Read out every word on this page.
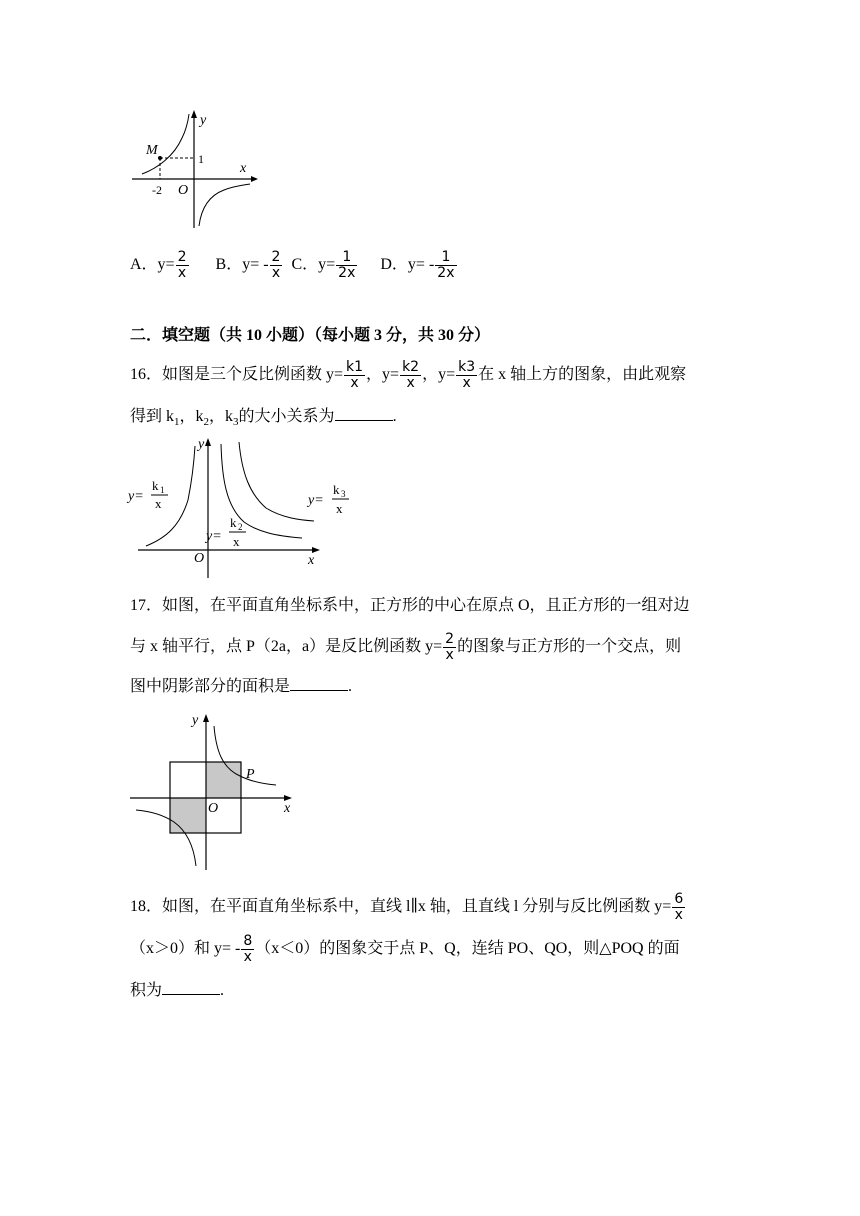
y
x
M
1
-2 O
A．$y= \frac{2}{x}$ B．$y= - \frac{2}{x}$ C．$y= \frac{1}{2x}$ D．$y= - \frac{1}{2x}$
二．填空题（共 10 小题）（每小题 3 分，共 30 分）
16．如图是三个反比例函数 $y= \frac{k1}{x}$ ，$y= \frac{k2}{x}$ ，$y= \frac{k3}{x}$ 在 x 轴上方的图象，由此观察
得到 $k_1$，$k_2$，$k_3$的大小关系为	.
y
x
O
y=
k 1
x
y=
k 2
x
y=
k 3
x
17．如图，在平面直角坐标系中，正方形的中心在原点 O，且正方形的一组对边
与 x 轴平行，点 P（2a，a）是反比例函数 $y= \frac{2}{x}$ 的图象与正方形的一个交点，则
图中阴影部分的面积是	.
y
x
O
P
18．如图，在平面直角坐标系中，直线 l∥x 轴，且直线 l 分别与反比例函数 $y= \frac{6}{x}$
（x＞0）和 $y= - \frac{8}{x} (x<0)$的图象交于点 P、Q，连结 PO、QO，则△POQ 的面
积为	.
